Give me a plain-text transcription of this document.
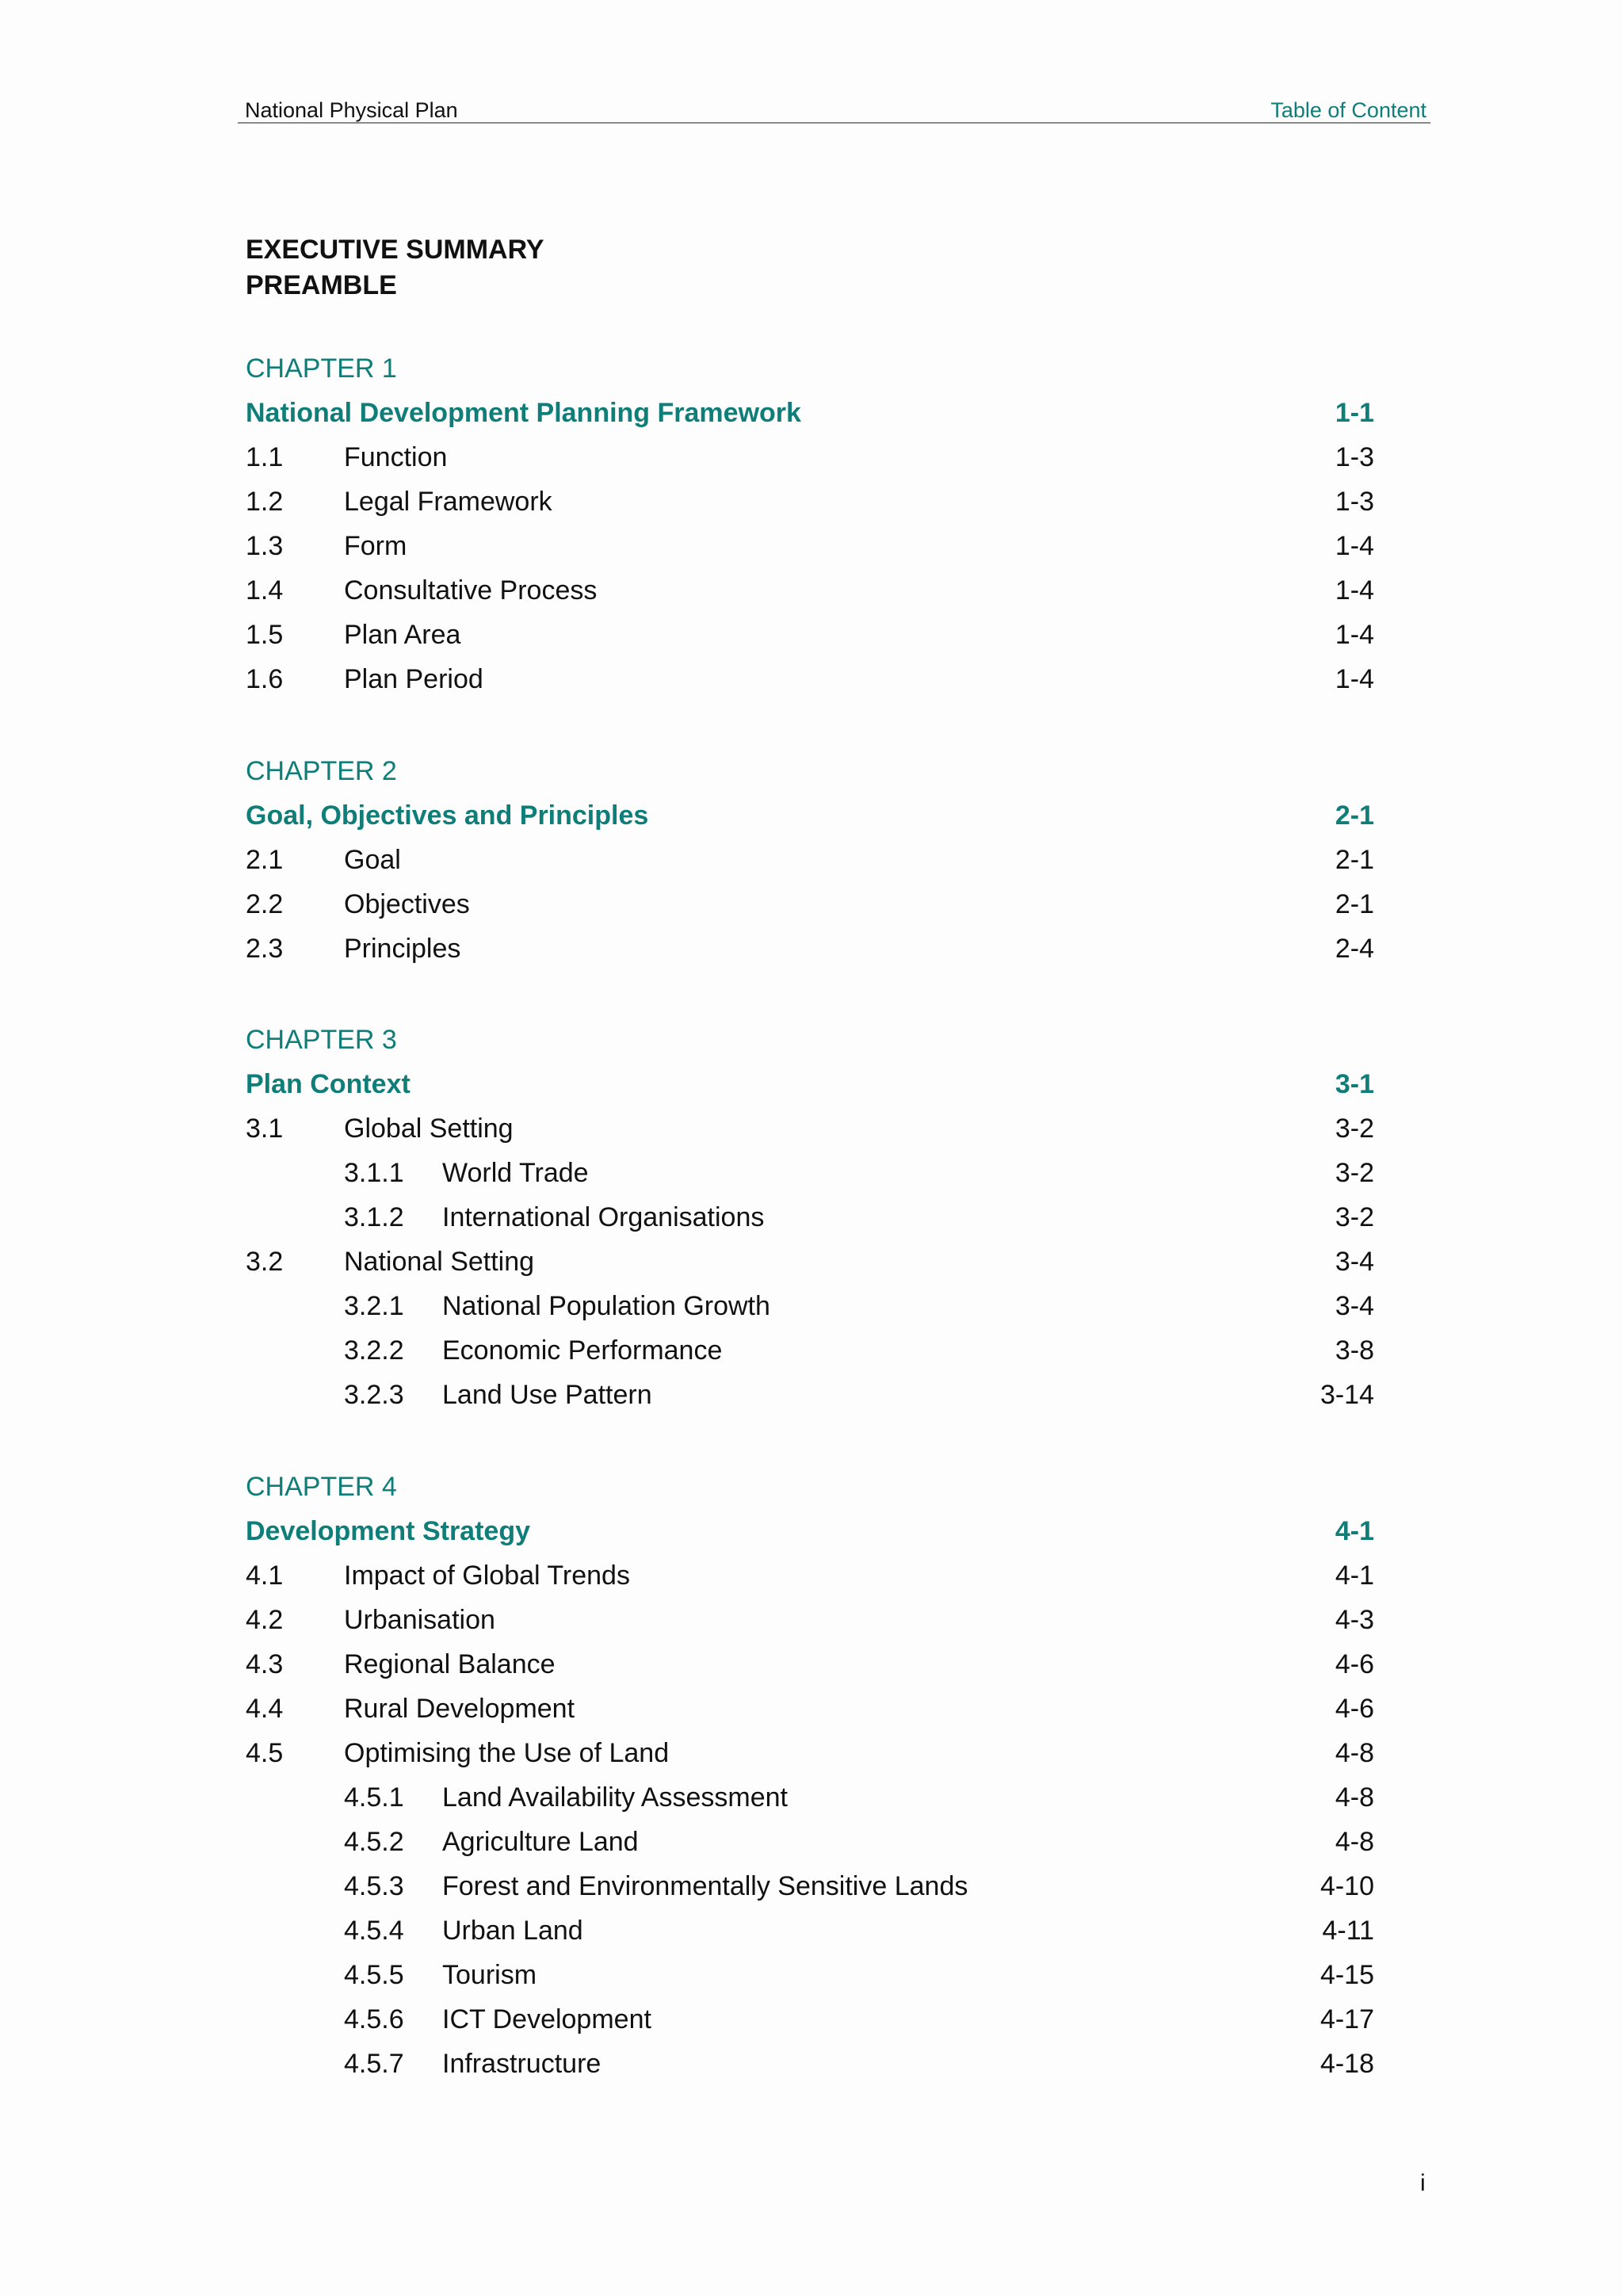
National Physical Plan	Table of Content
EXECUTIVE SUMMARY
PREAMBLE
CHAPTER 1
National Development Planning Framework	1-1
1.1 Function	1-3
1.2 Legal Framework	1-3
1.3 Form	1-4
1.4 Consultative Process	1-4
1.5 Plan Area	1-4
1.6 Plan Period	1-4
CHAPTER 2
Goal, Objectives and Principles	2-1
2.1 Goal	2-1
2.2 Objectives	2-1
2.3 Principles	2-4
CHAPTER 3
Plan Context	3-1
3.1 Global Setting	3-2
3.1.1 World Trade	3-2
3.1.2 International Organisations	3-2
3.2 National Setting	3-4
3.2.1 National Population Growth	3-4
3.2.2 Economic Performance	3-8
3.2.3 Land Use Pattern	3-14
CHAPTER 4
Development Strategy	4-1
4.1 Impact of Global Trends	4-1
4.2 Urbanisation	4-3
4.3 Regional Balance	4-6
4.4 Rural Development	4-6
4.5 Optimising the Use of Land	4-8
4.5.1 Land Availability Assessment	4-8
4.5.2 Agriculture Land	4-8
4.5.3 Forest and Environmentally Sensitive Lands	4-10
4.5.4 Urban Land	4-11
4.5.5 Tourism	4-15
4.5.6 ICT Development	4-17
4.5.7 Infrastructure	4-18
i
